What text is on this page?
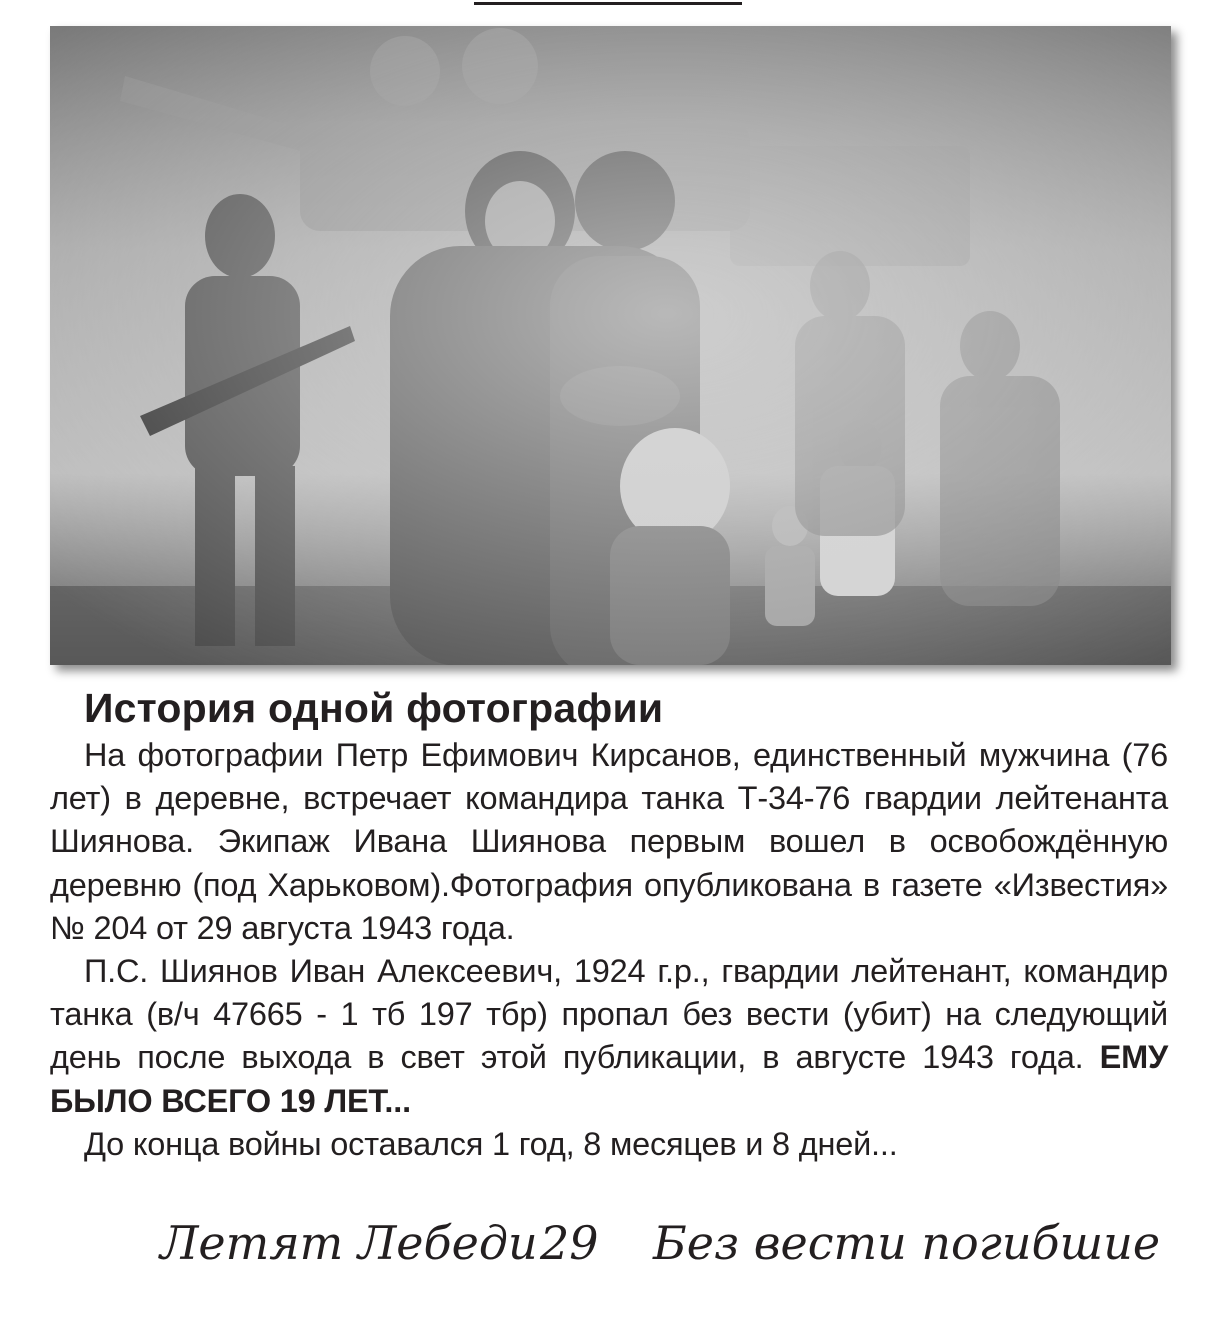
История одной фотографии

На фотографии Петр Ефимович Кирсанов, единственный мужчина (76 лет) в деревне, встречает командира танка Т-34-76 гвардии лейтенанта Шиянова. Экипаж Ивана Шиянова первым вошел в освобождённую деревню (под Харьковом).Фотография опубликована в газете «Известия» № 204 от 29 августа 1943 года.

П.С. Шиянов Иван Алексеевич, 1924 г.р., гвардии лейтенант, командир танка (в/ч 47665 - 1 тб 197 тбр) пропал без вести (убит) на следующий день после выхода в свет этой публикации, в августе 1943 года. ЕМУ БЫЛО ВСЕГО 19 ЛЕТ...

До конца войны оставался 1 год, 8 месяцев и 8 дней...

Летят Лебеди 29 Без вести погибшие
